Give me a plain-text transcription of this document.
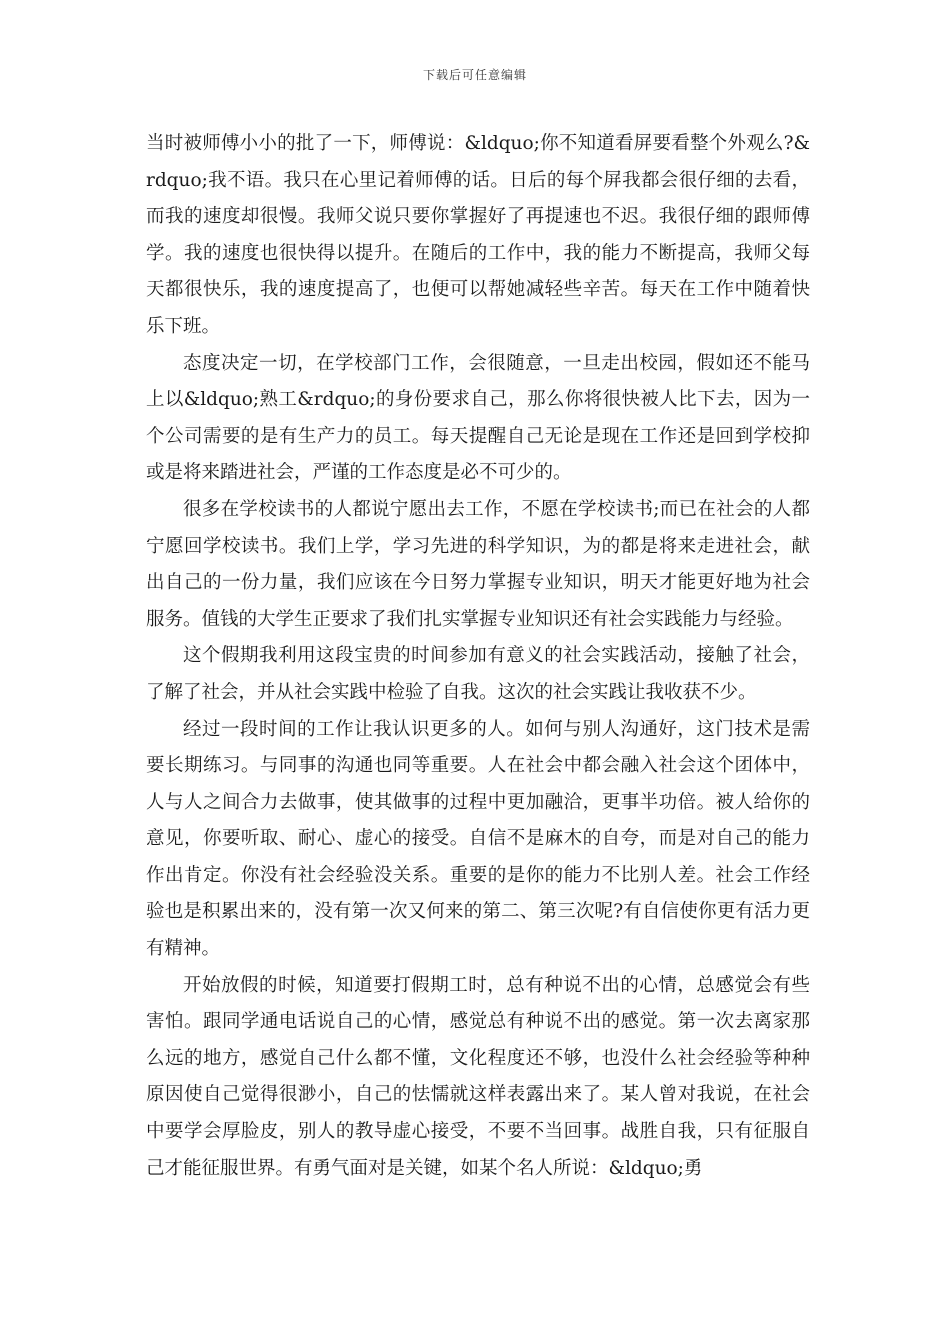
下载后可任意编辑

当时被师傅小小的批了一下，师傅说：&ldquo;你不知道看屏要看整个外观么?&rdquo;我不语。我只在心里记着师傅的话。日后的每个屏我都会很仔细的去看，而我的速度却很慢。我师父说只要你掌握好了再提速也不迟。我很仔细的跟师傅学。我的速度也很快得以提升。在随后的工作中，我的能力不断提高，我师父每天都很快乐，我的速度提高了，也便可以帮她减轻些辛苦。每天在工作中随着快乐下班。

态度决定一切，在学校部门工作，会很随意，一旦走出校园，假如还不能马上以&ldquo;熟工&rdquo;的身份要求自己，那么你将很快被人比下去，因为一个公司需要的是有生产力的员工。每天提醒自己无论是现在工作还是回到学校抑或是将来踏进社会，严谨的工作态度是必不可少的。

很多在学校读书的人都说宁愿出去工作，不愿在学校读书;而已在社会的人都宁愿回学校读书。我们上学，学习先进的科学知识，为的都是将来走进社会，献出自己的一份力量，我们应该在今日努力掌握专业知识，明天才能更好地为社会服务。值钱的大学生正要求了我们扎实掌握专业知识还有社会实践能力与经验。

这个假期我利用这段宝贵的时间参加有意义的社会实践活动，接触了社会，了解了社会，并从社会实践中检验了自我。这次的社会实践让我收获不少。

经过一段时间的工作让我认识更多的人。如何与别人沟通好，这门技术是需要长期练习。与同事的沟通也同等重要。人在社会中都会融入社会这个团体中，人与人之间合力去做事，使其做事的过程中更加融洽，更事半功倍。被人给你的意见，你要听取、耐心、虚心的接受。自信不是麻木的自夸，而是对自己的能力作出肯定。你没有社会经验没关系。重要的是你的能力不比别人差。社会工作经验也是积累出来的，没有第一次又何来的第二、第三次呢?有自信使你更有活力更有精神。

开始放假的时候，知道要打假期工时，总有种说不出的心情，总感觉会有些害怕。跟同学通电话说自己的心情，感觉总有种说不出的感觉。第一次去离家那么远的地方，感觉自己什么都不懂，文化程度还不够，也没什么社会经验等种种原因使自己觉得很渺小，自己的怯懦就这样表露出来了。某人曾对我说，在社会中要学会厚脸皮，别人的教导虚心接受，不要不当回事。战胜自我，只有征服自己才能征服世界。有勇气面对是关键，如某个名人所说：&ldquo;勇
